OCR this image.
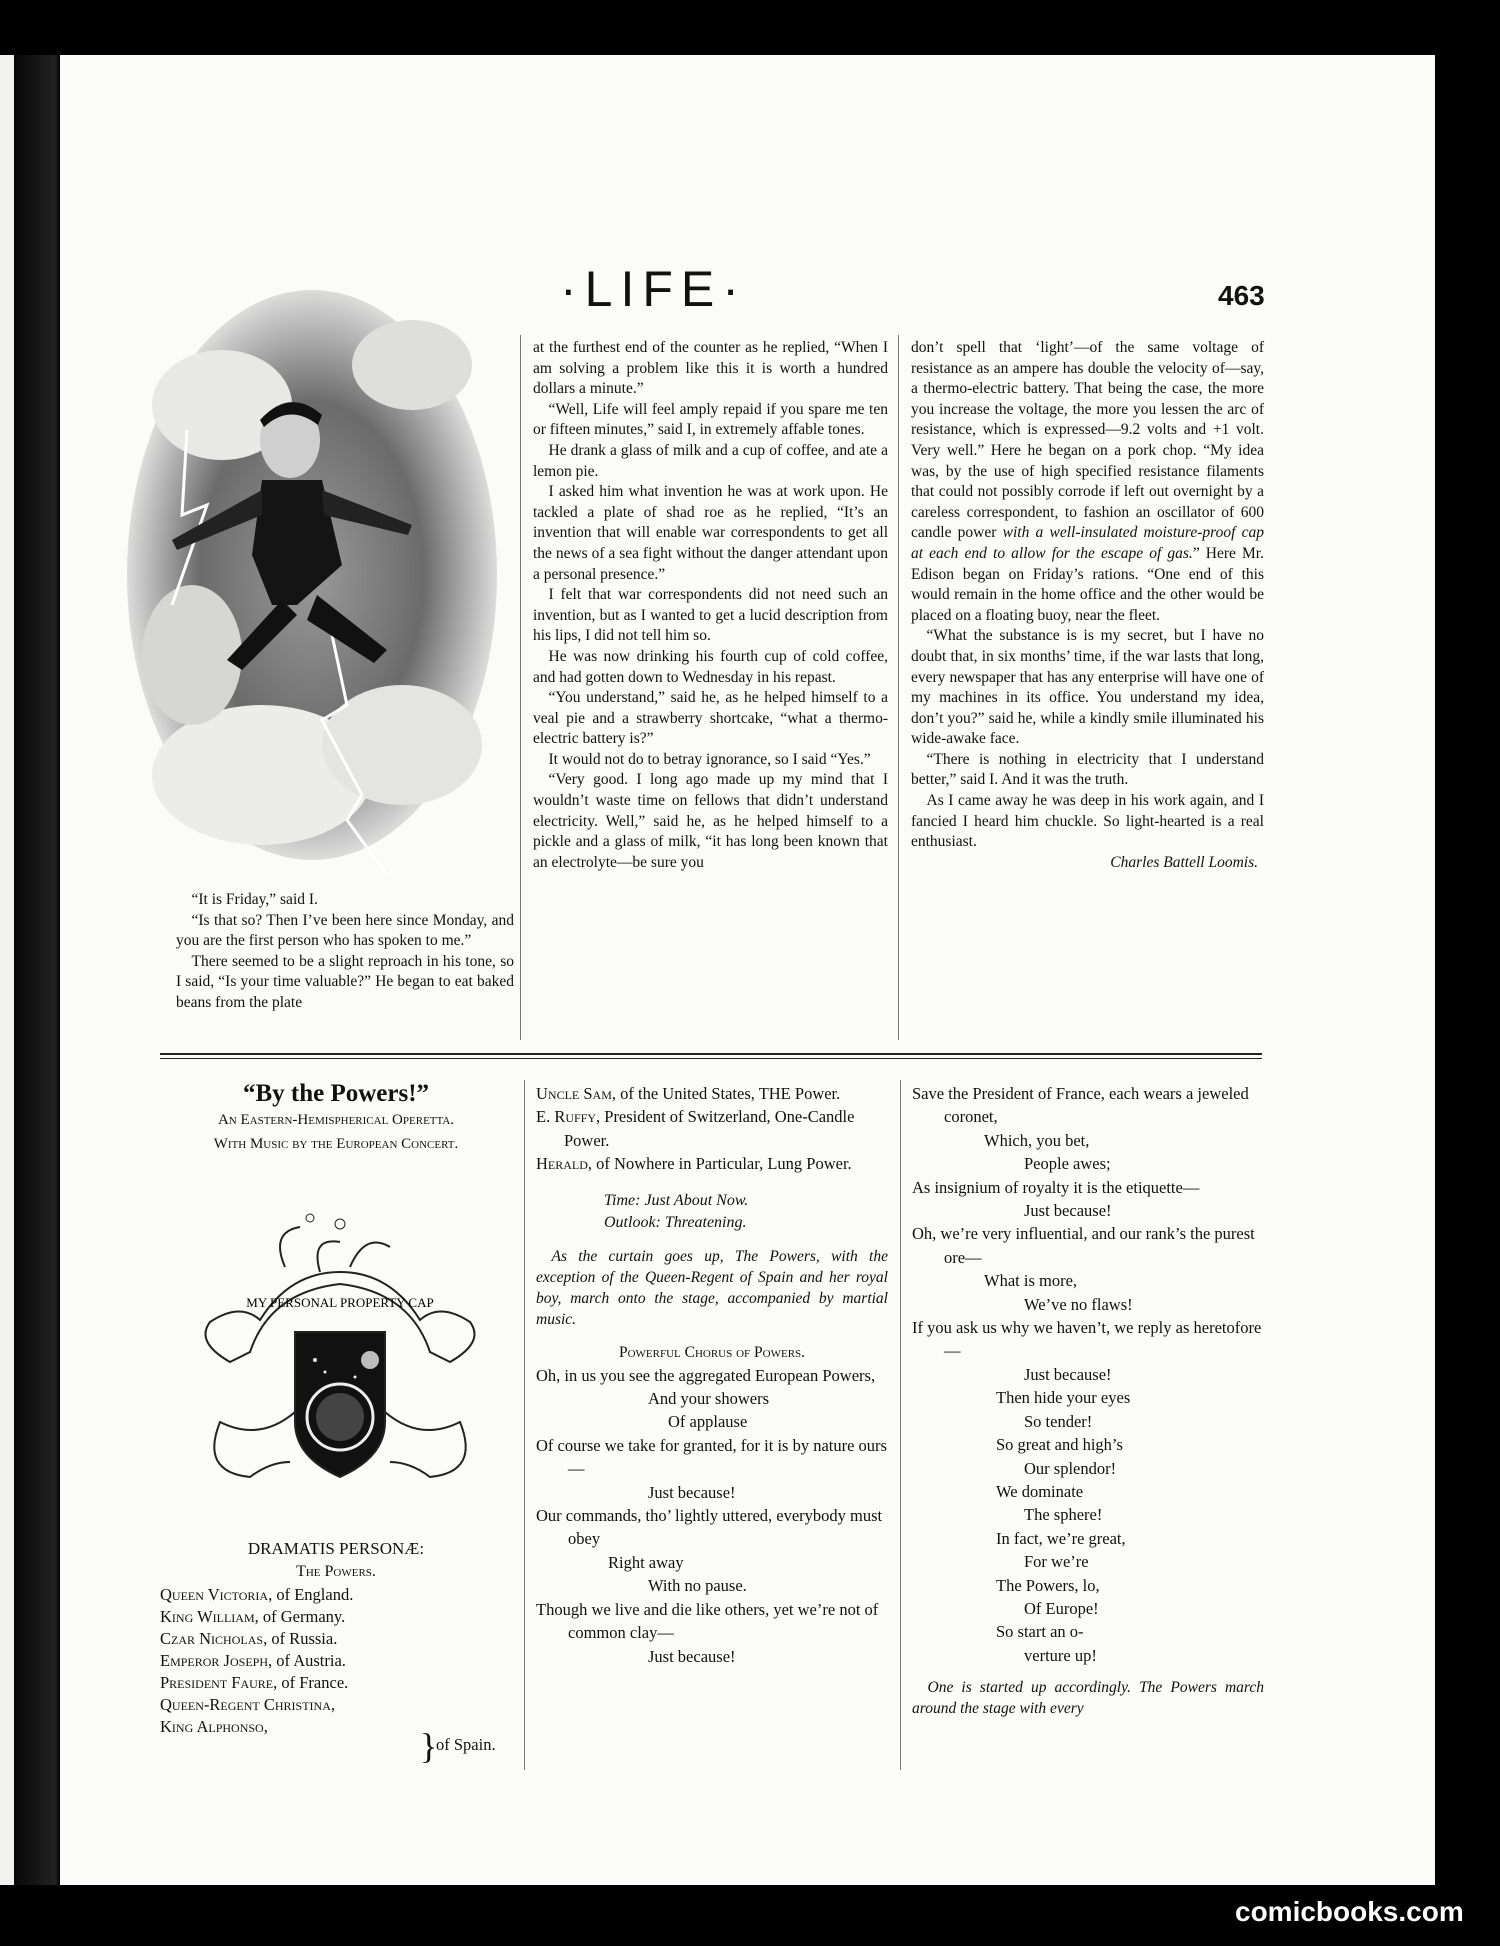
·LIFE·	463

“It is Friday,” said I.

“Is that so? Then I’ve been here since Monday, and you are the first person who has spoken to me.”

There seemed to be a slight reproach in his tone, so I said, “Is your time valuable?” He began to eat baked beans from the plate

at the furthest end of the counter as he replied, “When I am solving a problem like this it is worth a hundred dollars a minute.”

“Well, Life will feel amply repaid if you spare me ten or fifteen minutes,” said I, in extremely affable tones.

He drank a glass of milk and a cup of coffee, and ate a lemon pie.

I asked him what invention he was at work upon. He tackled a plate of shad roe as he replied, “It’s an invention that will enable war correspondents to get all the news of a sea fight without the danger attendant upon a personal presence.”

I felt that war correspondents did not need such an invention, but as I wanted to get a lucid description from his lips, I did not tell him so.

He was now drinking his fourth cup of cold coffee, and had gotten down to Wednesday in his repast.

“You understand,” said he, as he helped himself to a veal pie and a strawberry shortcake, “what a thermo-electric battery is?”

It would not do to betray ignorance, so I said “Yes.”

“Very good. I long ago made up my mind that I wouldn’t waste time on fellows that didn’t understand electricity. Well,” said he, as he helped himself to a pickle and a glass of milk, “it has long been known that an electrolyte—be sure you

don’t spell that ‘light’—of the same voltage of resistance as an ampere has double the velocity of—say, a thermo-electric battery. That being the case, the more you increase the voltage, the more you lessen the arc of resistance, which is expressed—9.2 volts and +1 volt. Very well.” Here he began on a pork chop. “My idea was, by the use of high specified resistance filaments that could not possibly corrode if left out overnight by a careless correspondent, to fashion an oscillator of 600 candle power with a well-insulated moisture-proof cap at each end to allow for the escape of gas.” Here Mr. Edison began on Friday’s rations. “One end of this would remain in the home office and the other would be placed on a floating buoy, near the fleet.

“What the substance is is my secret, but I have no doubt that, in six months’ time, if the war lasts that long, every newspaper that has any enterprise will have one of my machines in its office. You understand my idea, don’t you?” said he, while a kindly smile illuminated his wide-awake face.

“There is nothing in electricity that I understand better,” said I. And it was the truth.

As I came away he was deep in his work again, and I fancied I heard him chuckle. So light-hearted is a real enthusiast.

Charles Battell Loomis.
“By the Powers!”
An Eastern-Hemispherical Operetta.
With Music by the European Concert.
MY PERSONAL PROPERTY CAP
DRAMATIS PERSONÆ:
The Powers.
Queen Victoria, of England.
King William, of Germany.
Czar Nicholas, of Russia.
Emperor Joseph, of Austria.
President Faure, of France.
Queen-Regent Christina,
King Alphonso,	}
of Spain.
Uncle Sam, of the United States, THE Power.
E. Ruffy, President of Switzerland, One-Candle Power.
Herald, of Nowhere in Particular, Lung Power.
Time: Just About Now.
Outlook: Threatening.
As the curtain goes up, The Powers, with the exception of the Queen-Regent of Spain and her royal boy, march onto the stage, accompanied by martial music.
Powerful Chorus of Powers.
Oh, in us you see the aggregated European Powers,
And your showers
Of applause
Of course we take for granted, for it is by nature ours—
Just because!
Our commands, tho’ lightly uttered, everybody must obey
Right away
With no pause.
Though we live and die like others, yet we’re not of common clay—
Just because!
Save the President of France, each wears a jeweled coronet,
Which, you bet,
People awes;
As insignium of royalty it is the etiquette—
Just because!
Oh, we’re very influential, and our rank’s the purest ore—
What is more,
We’ve no flaws!
If you ask us why we haven’t, we reply as heretofore—
Just because!
Then hide your eyes
So tender!
So great and high’s
Our splendor!
We dominate
The sphere!
In fact, we’re great,
For we’re
The Powers, lo,
Of Europe!
So start an o-
verture up!
One is started up accordingly. The Powers march around the stage with every
comicbooks.com
